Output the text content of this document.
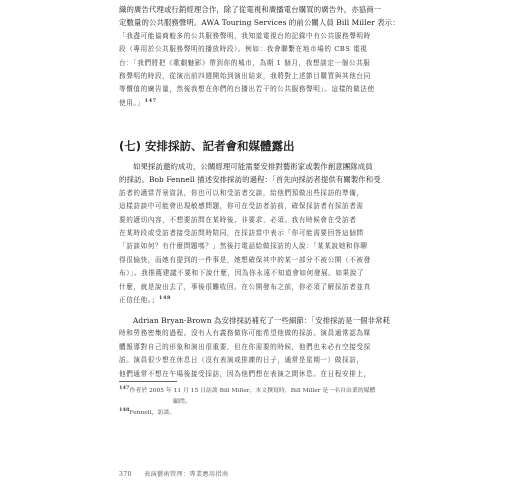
織的廣告代理或行銷經理合作，除了從電視和廣播電台購買的廣告外，亦協商一
定數量的公共服務聲明。AWA Touring Services 的前公關人員 Bill Miller 表示：
「我盡可能協商較多的公共服務聲明，我知道電視台的記錄中有公共服務聲明時
段（專用於公共服務聲明的播放時段）。例如：我會聯繫在地市場的 CBS 電視
台：「我們將把《歌劇魅影》帶到你的城市，為期 1 個月，我想談定一個公共服
務聲明的時段，從演出前四週開始到演出結束，我將對上述節目購買與其他台同
等價值的廣告量，然後我想在你們的台播出若干的公共服務聲明」。這樣的做法使
使用。」$^{147}$
(七) 安排採訪、記者會和媒體露出
如果採訪邀約成功，公關經理可能需要安排對藝術家或製作創意團隊成員
的採訪。Bob Fennell 描述安排採訪的過程：「首先向採訪者提供有關製作和受
訪者的適當背景資訊，你也可以和受訪者交談，給他們預做出些採訪的準備，
這樣訪談中可能會出現敏感問題，你可在受訪者訪前，確保採訪者有採訪者需
要的適切內容，不想要訪問在某時後、非要求、必須。我有時候會在受訪者
在某時段或受訪者接受訪問時陪同，在採訪當中表示「你可能需要回答這個問
「訪談如何？有什麼問題嗎？」然後打電話給做採訪的人說：「某某說她和你聊
得很愉快，而她有提到的一件事是，她想確保其中的某一部分不被公開（不被發
布）」。我推薦建議不要和下說什麼，因為你永遠不知道會如何發展。如果說了
什麼，就是說出去了，事後很難收回。在公開發布之前，你必須了解採訪者並真
正信任他。」$^{148}$
Adrian Bryan-Brown 為安排採訪補充了一些細節：「安排採訪是一個非常耗
時和勞務密集的過程。沒有人有義務做你可能希望他做的採訪。演員通常認為媒
體報導對自己的形象和演出很重要，但在你需要的時候，他們也未必有空接受採
訪。演員很少想在休息日（沒有表演或排練的日子，通常是星期一）做採訪，
他們通常不想在午場後接受採訪，因為他們想在表演之間休息。在日程安排上，
$^{147}$作者於 2005 年 11 月 15 日訪談 Bill Miller。本文撰寫時，Bill Miller 是一名自由業的媒體
顧問。
$^{148}$Fennell，訪談。
370 表演藝術管理：專業應用指南
